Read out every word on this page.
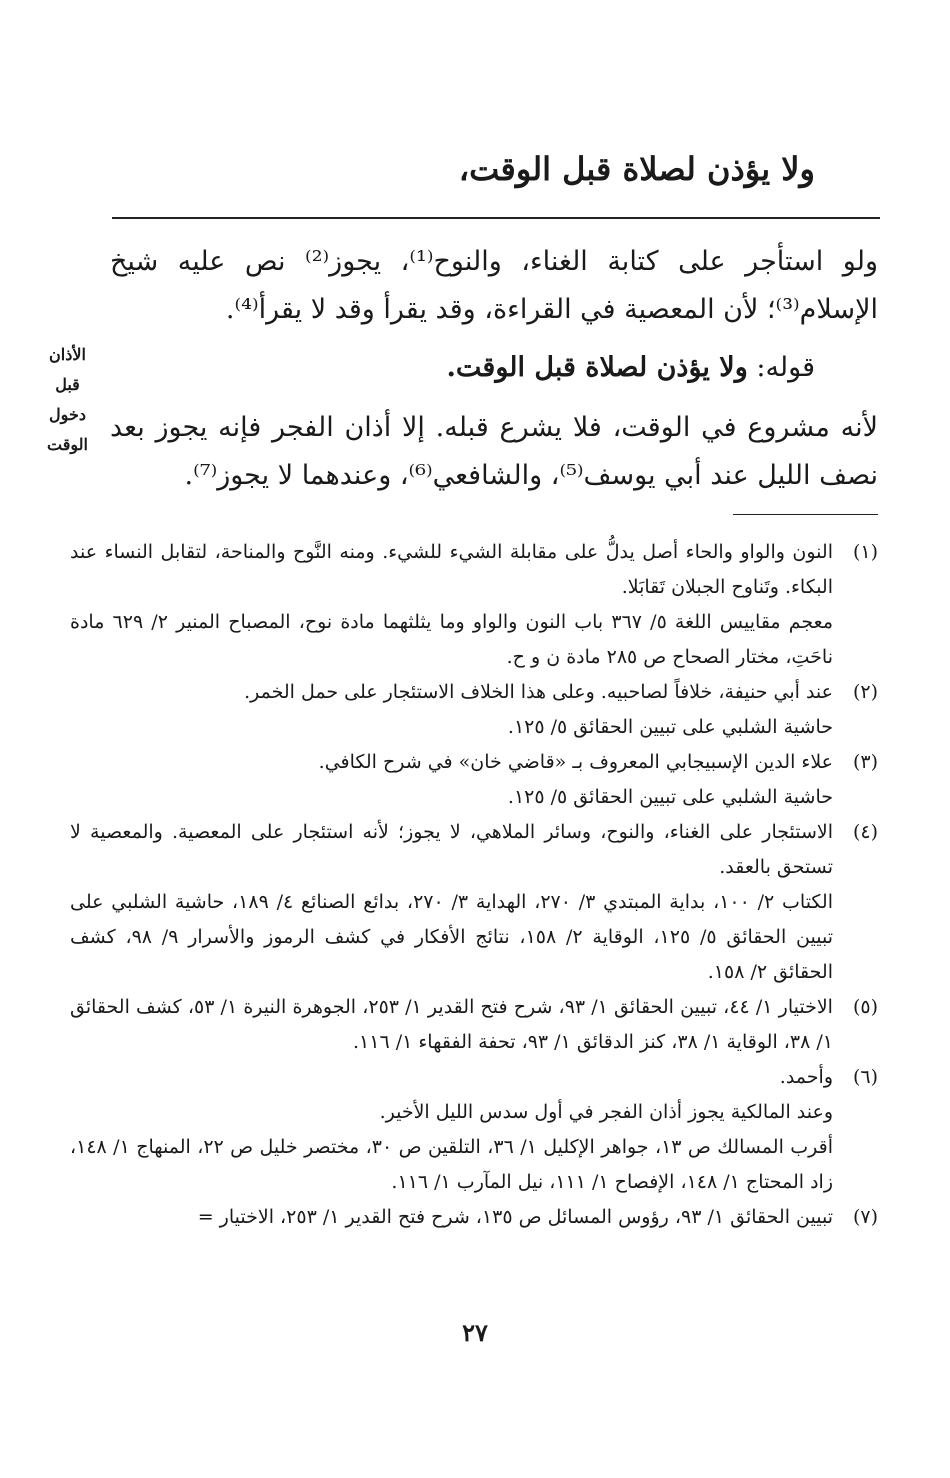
ولا يؤذن لصلاة قبل الوقت،
ولو استأجر على كتابة الغناء، والنوح⁽¹⁾، يجوز⁽²⁾ نص عليه شيخ الإسلام⁽³⁾؛ لأن المعصية في القراءة، وقد يقرأ وقد لا يقرأ⁽⁴⁾.
قوله: ولا يؤذن لصلاة قبل الوقت.
لأنه مشروع في الوقت، فلا يشرع قبله. إلا أذان الفجر فإنه يجوز بعد نصف الليل عند أبي يوسف⁽⁵⁾، والشافعي⁽⁶⁾، وعندهما لا يجوز⁽⁷⁾.
الأذان
قبل
دخول
الوقت
(١)

النون والواو والحاء أصل يدلُّ على مقابلة الشيء للشيء. ومنه النَّوح والمناحة، لتقابل النساء عند البكاء. وتَناوح الجبلان تَقابَلا.

معجم مقاييس اللغة ٥/ ٣٦٧ باب النون والواو وما يثلثهما مادة نوح، المصباح المنير ٢/ ٦٢٩ مادة ناحَتِ، مختار الصحاح ص ٢٨٥ مادة ن و ح.

(٢)

عند أبي حنيفة، خلافاً لصاحبيه. وعلى هذا الخلاف الاستئجار على حمل الخمر.

حاشية الشلبي على تبيين الحقائق ٥/ ١٢٥.

(٣)

علاء الدين الإسبيجابي المعروف بـ «قاضي خان» في شرح الكافي.

حاشية الشلبي على تبيين الحقائق ٥/ ١٢٥.

(٤)

الاستئجار على الغناء، والنوح، وسائر الملاهي، لا يجوز؛ لأنه استئجار على المعصية. والمعصية لا تستحق بالعقد.

الكتاب ٢/ ١٠٠، بداية المبتدي ٣/ ٢٧٠، الهداية ٣/ ٢٧٠، بدائع الصنائع ٤/ ١٨٩، حاشية الشلبي على تبيين الحقائق ٥/ ١٢٥، الوقاية ٢/ ١٥٨، نتائج الأفكار في كشف الرموز والأسرار ٩/ ٩٨، كشف الحقائق ٢/ ١٥٨.

(٥)

الاختيار ١/ ٤٤، تبيين الحقائق ١/ ٩٣، شرح فتح القدير ١/ ٢٥٣، الجوهرة النيرة ١/ ٥٣، كشف الحقائق ١/ ٣٨، الوقاية ١/ ٣٨، كنز الدقائق ١/ ٩٣، تحفة الفقهاء ١/ ١١٦.

(٦)

وأحمد.

وعند المالكية يجوز أذان الفجر في أول سدس الليل الأخير.

أقرب المسالك ص ١٣، جواهر الإكليل ١/ ٣٦، التلقين ص ٣٠، مختصر خليل ص ٢٢، المنهاج ١/ ١٤٨، زاد المحتاج ١/ ١٤٨، الإفصاح ١/ ١١١، نيل المآرب ١/ ١١٦.

(٧)

تبيين الحقائق ١/ ٩٣، رؤوس المسائل ص ١٣٥، شرح فتح القدير ١/ ٢٥٣، الاختيار =

٢٧
